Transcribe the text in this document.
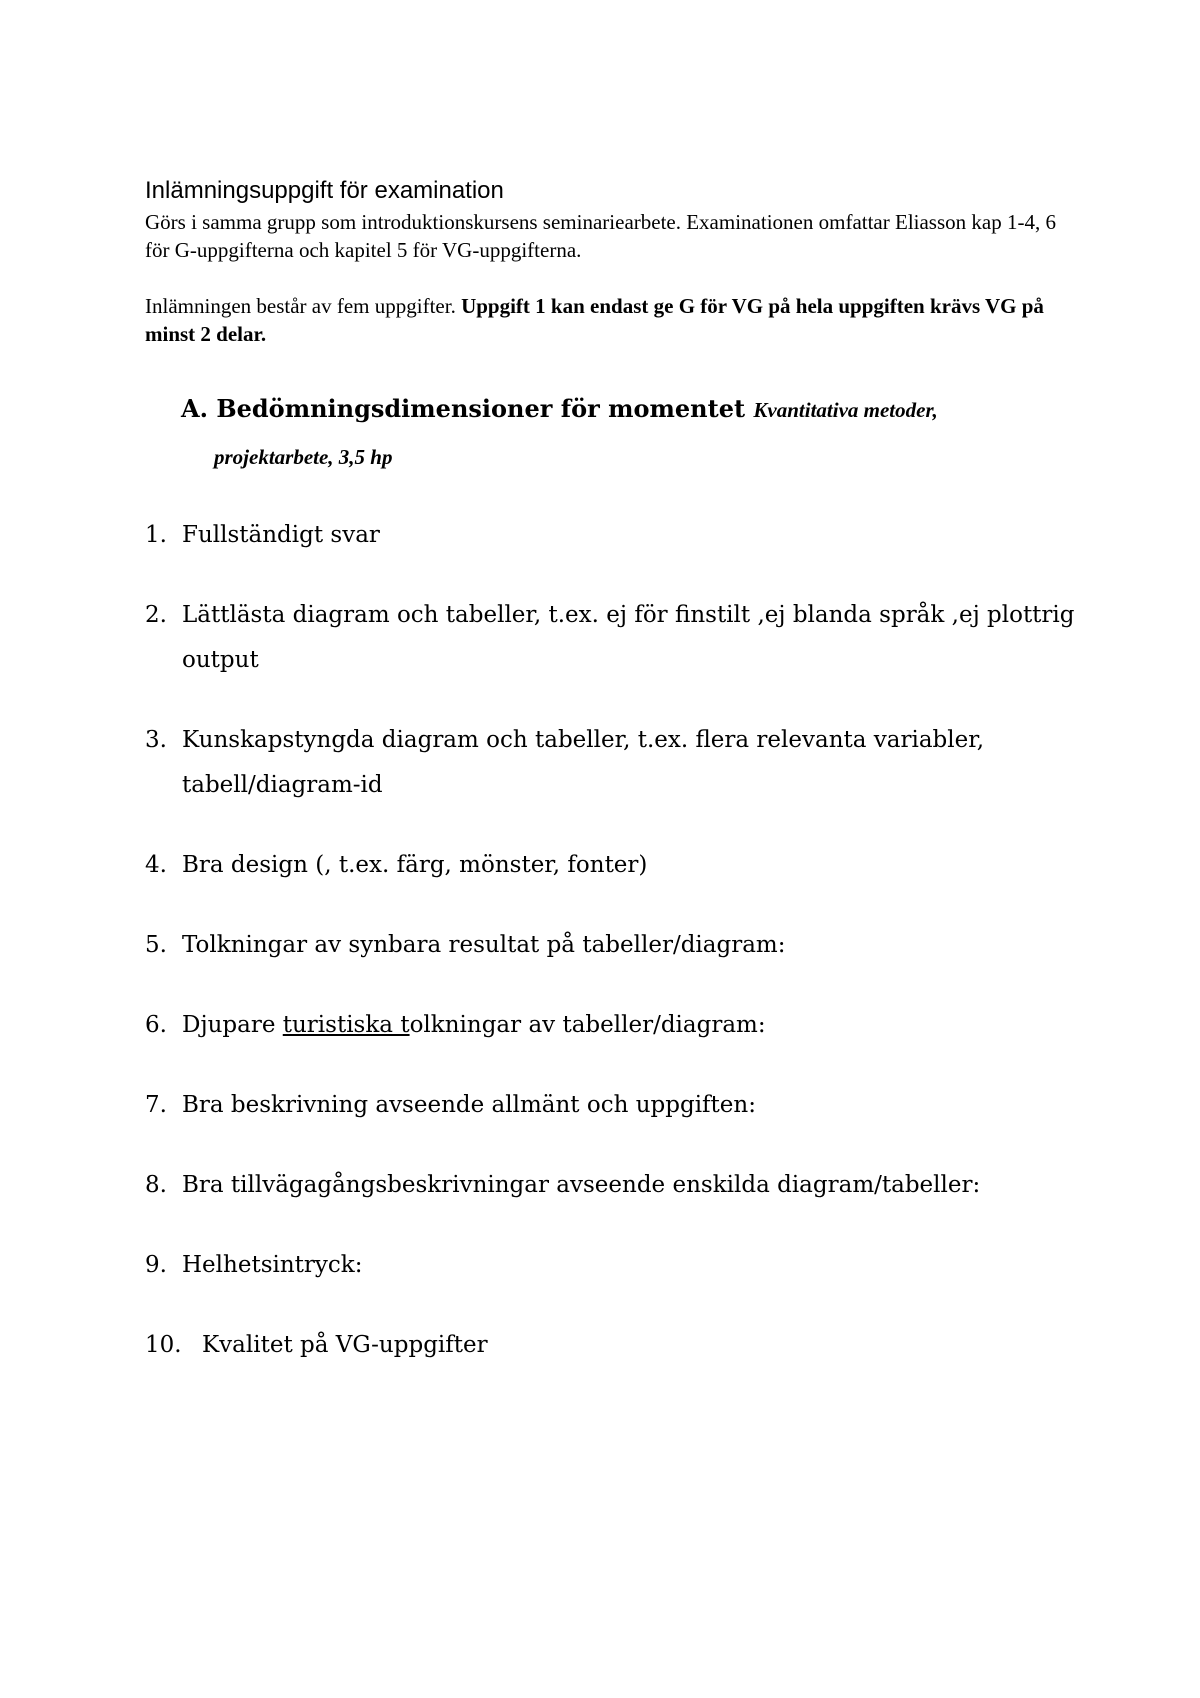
Inlämningsuppgift för examination

Görs i samma grupp som introduktionskursens seminariearbete. Examinationen omfattar Eliasson kap 1-4, 6 för G-uppgifterna och kapitel 5 för VG-uppgifterna.

Inlämningen består av fem uppgifter. Uppgift 1 kan endast ge G för VG på hela uppgiften krävs VG på minst 2 delar.

A. Bedömningsdimensioner för momentet Kvantitativa metoder,
projektarbete, 3,5 hp
1. Fullständigt svar
2. Lättlästa diagram och tabeller, t.ex. ej för finstilt ,ej blanda språk ,ej plottrig output
3. Kunskapstyngda diagram och tabeller, t.ex. flera relevanta variabler, tabell/diagram-id
4. Bra design (, t.ex. färg, mönster, fonter)
5. Tolkningar av synbara resultat på tabeller/diagram:
6. Djupare turistiska tolkningar av tabeller/diagram:
7. Bra beskrivning avseende allmänt och uppgiften:
8. Bra tillvägagångsbeskrivningar avseende enskilda diagram/tabeller:
9. Helhetsintryck:
10. Kvalitet på VG-uppgifter
